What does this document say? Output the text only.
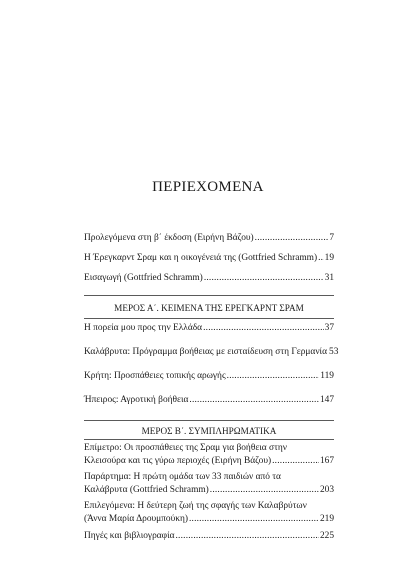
ΠΕΡΙΕΧΟΜΕΝΑ
Προλεγόμενα στη β΄ έκδοση (Ειρήνη Βάζου) .....	7
Η Έρεγκαρντ Σραμ και η οικογένειά της (Gottfried Schramm) ..... 19
Εισαγωγή (Gottfried Schramm) .....	31
ΜΕΡΟΣ Α΄. ΚΕΙΜΕΝΑ ΤΗΣ ΕΡΕΓΚΑΡΝΤ ΣΡΑΜ
Η πορεία μου προς την Ελλάδα .....	37
Καλάβρυτα: Πρόγραμμα βοήθειας με εισταίδευση στη Γερμανία 53
Κρήτη: Προσπάθειες τοπικής αρωγής .....	119
Ήπειρος: Αγροτική βοήθεια .....	147
ΜΕΡΟΣ Β΄. ΣΥΜΠΛΗΡΩΜΑΤΙΚΑ
Επίμετρο: Οι προσπάθειες της Σραμ για βοήθεια στην
Κλεισούρα και τις γύρω περιοχές (Ειρήνη Βάζου) .....	167
Παράρτημα: Η πρώτη ομάδα των 33 παιδιών από τα
Καλάβρυτα (Gottfried Schramm) .....	203
Επιλεγόμενα: Η δεύτερη ζωή της σφαγής των Καλαβρύτων
(Άννα Μαρία Δρουμπούκη) .....	219
Πηγές και βιβλιογραφία .....	225
